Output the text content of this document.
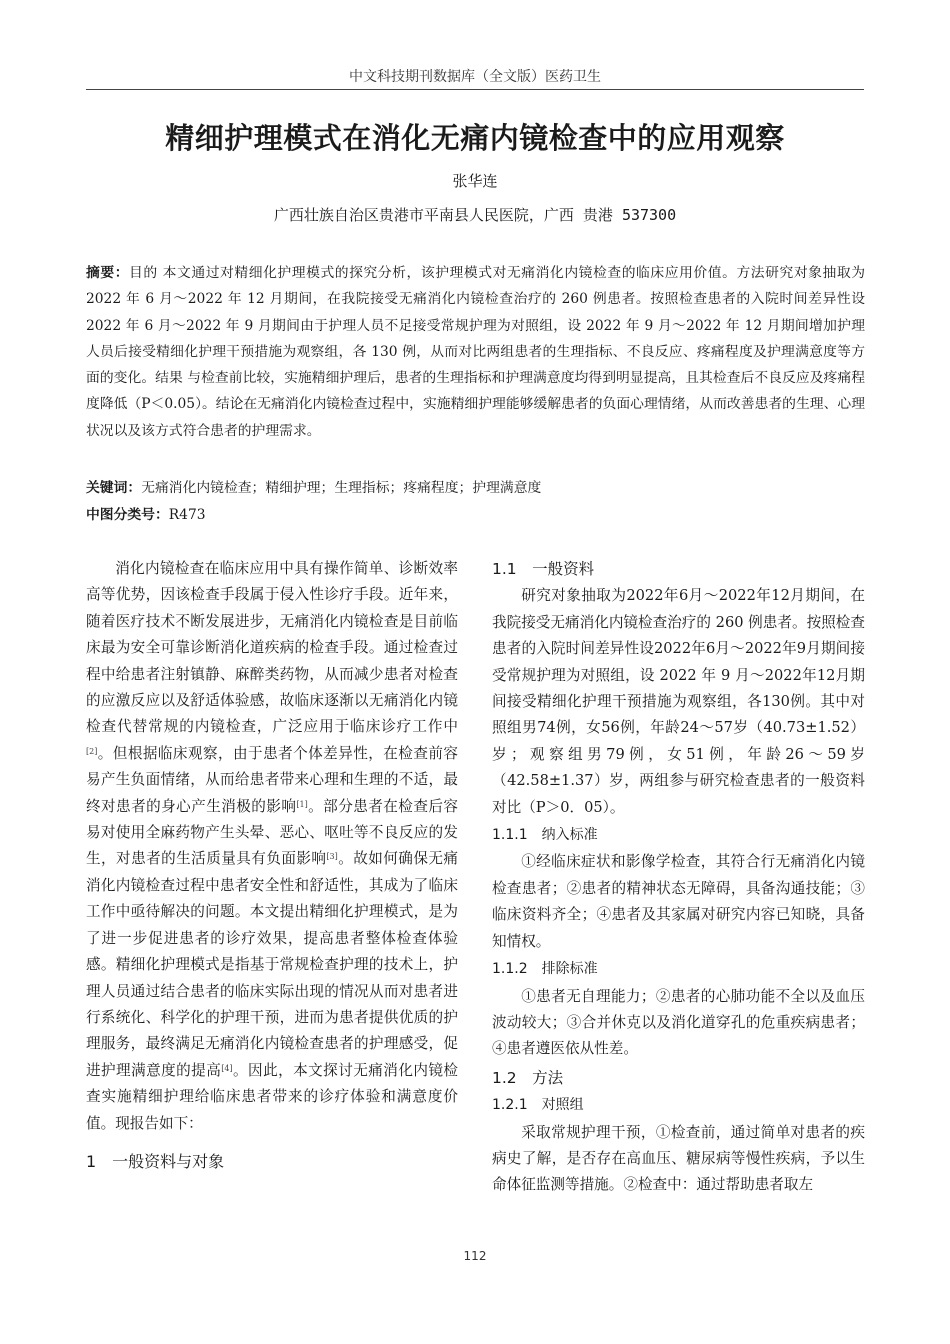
中文科技期刊数据库（全文版）医药卫生
精细护理模式在消化无痛内镜检查中的应用观察
张华连
广西壮族自治区贵港市平南县人民医院，广西 贵港 537300
摘要：目的 本文通过对精细化护理模式的探究分析，该护理模式对无痛消化内镜检查的临床应用价值。方法研究对象抽取为 2022 年 6 月～2022 年 12 月期间，在我院接受无痛消化内镜检查治疗的 260 例患者。按照检查患者的入院时间差异性设 2022 年 6 月～2022 年 9 月期间由于护理人员不足接受常规护理为对照组，设 2022 年 9 月～2022 年 12 月期间增加护理人员后接受精细化护理干预措施为观察组，各 130 例，从而对比两组患者的生理指标、不良反应、疼痛程度及护理满意度等方面的变化。结果 与检查前比较，实施精细护理后，患者的生理指标和护理满意度均得到明显提高，且其检查后不良反应及疼痛程度降低（P＜0.05）。结论在无痛消化内镜检查过程中，实施精细护理能够缓解患者的负面心理情绪，从而改善患者的生理、心理状况以及该方式符合患者的护理需求。
关键词：无痛消化内镜检查；精细护理；生理指标；疼痛程度；护理满意度
中图分类号：R473

消化内镜检查在临床应用中具有操作简单、诊断效率高等优势，因该检查手段属于侵入性诊疗手段。近年来，随着医疗技术不断发展进步，无痛消化内镜检查是目前临床最为安全可靠诊断消化道疾病的检查手段。通过检查过程中给患者注射镇静、麻醉类药物，从而减少患者对检查的应激反应以及舒适体验感，故临床逐渐以无痛消化内镜检查代替常规的内镜检查，广泛应用于临床诊疗工作中[2]。但根据临床观察，由于患者个体差异性，在检查前容易产生负面情绪，从而给患者带来心理和生理的不适，最终对患者的身心产生消极的影响[1]。部分患者在检查后容易对使用全麻药物产生头晕、恶心、呕吐等不良反应的发生，对患者的生活质量具有负面影响[3]。故如何确保无痛消化内镜检查过程中患者安全性和舒适性，其成为了临床工作中亟待解决的问题。本文提出精细化护理模式，是为了进一步促进患者的诊疗效果，提高患者整体检查体验感。精细化护理模式是指基于常规检查护理的技术上，护理人员通过结合患者的临床实际出现的情况从而对患者进行系统化、科学化的护理干预，进而为患者提供优质的护理服务，最终满足无痛消化内镜检查患者的护理感受，促进护理满意度的提高[4]。因此，本文探讨无痛消化内镜检查实施精细护理给临床患者带来的诊疗体验和满意度价值。现报告如下：

1　一般资料与对象
1.1　一般资料

研究对象抽取为2022年6月～2022年12月期间，在我院接受无痛消化内镜检查治疗的 260 例患者。按照检查患者的入院时间差异性设2022年6月～2022年9月期间接受常规护理为对照组，设 2022 年 9 月～2022年12月期间接受精细化护理干预措施为观察组，各130例。其中对照组男74例，女56例，年龄24～57岁（40.73±1.52）岁；观察组男79例，女51例，年龄26～59岁（42.58±1.37）岁，两组参与研究检查患者的一般资料对比（P＞0．05）。

1.1.1　纳入标准

①经临床症状和影像学检查，其符合行无痛消化内镜检查患者；②患者的精神状态无障碍，具备沟通技能；③临床资料齐全；④患者及其家属对研究内容已知晓，具备知情权。

1.1.2　排除标准

①患者无自理能力；②患者的心肺功能不全以及血压波动较大；③合并休克以及消化道穿孔的危重疾病患者；④患者遵医依从性差。

1.2　方法
1.2.1　对照组

采取常规护理干预，①检查前，通过简单对患者的疾病史了解，是否存在高血压、糖尿病等慢性疾病，予以生命体征监测等措施。②检查中：通过帮助患者取左

112
